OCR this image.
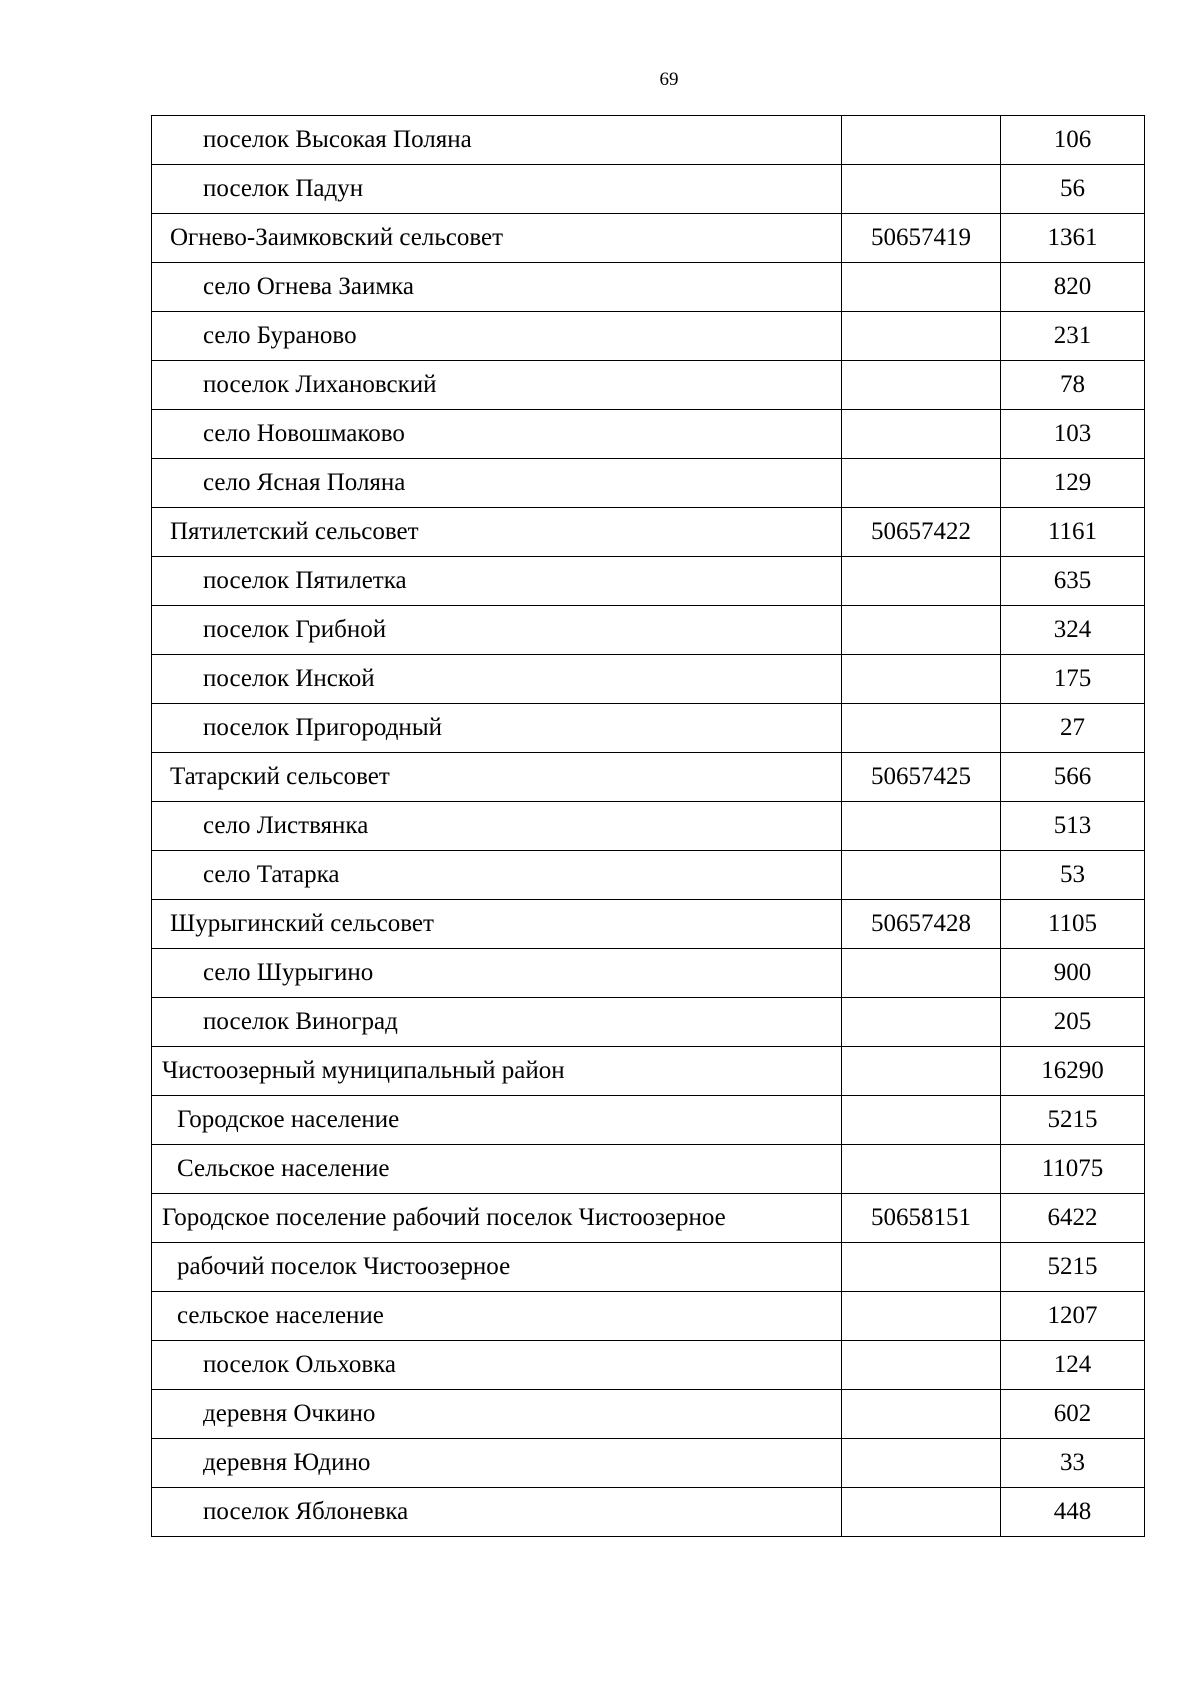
69
поселок Высокая Поляна		106
поселок Падун		56
Огнево-Заимковский сельсовет	50657419	1361
село Огнева Заимка		820
село Бураново		231
поселок Лихановский		78
село Новошмаково		103
село Ясная Поляна		129
Пятилетский сельсовет	50657422	1161
поселок Пятилетка		635
поселок Грибной		324
поселок Инской		175
поселок Пригородный		27
Татарский сельсовет	50657425	566
село Листвянка		513
село Татарка		53
Шурыгинский сельсовет	50657428	1105
село Шурыгино		900
поселок Виноград		205
Чистоозерный муниципальный район		16290
Городское население		5215
Сельское население		11075
Городское поселение рабочий поселок Чистоозерное	50658151	6422
рабочий поселок Чистоозерное		5215
сельское население		1207
поселок Ольховка		124
деревня Очкино		602
деревня Юдино		33
поселок Яблоневка		448
